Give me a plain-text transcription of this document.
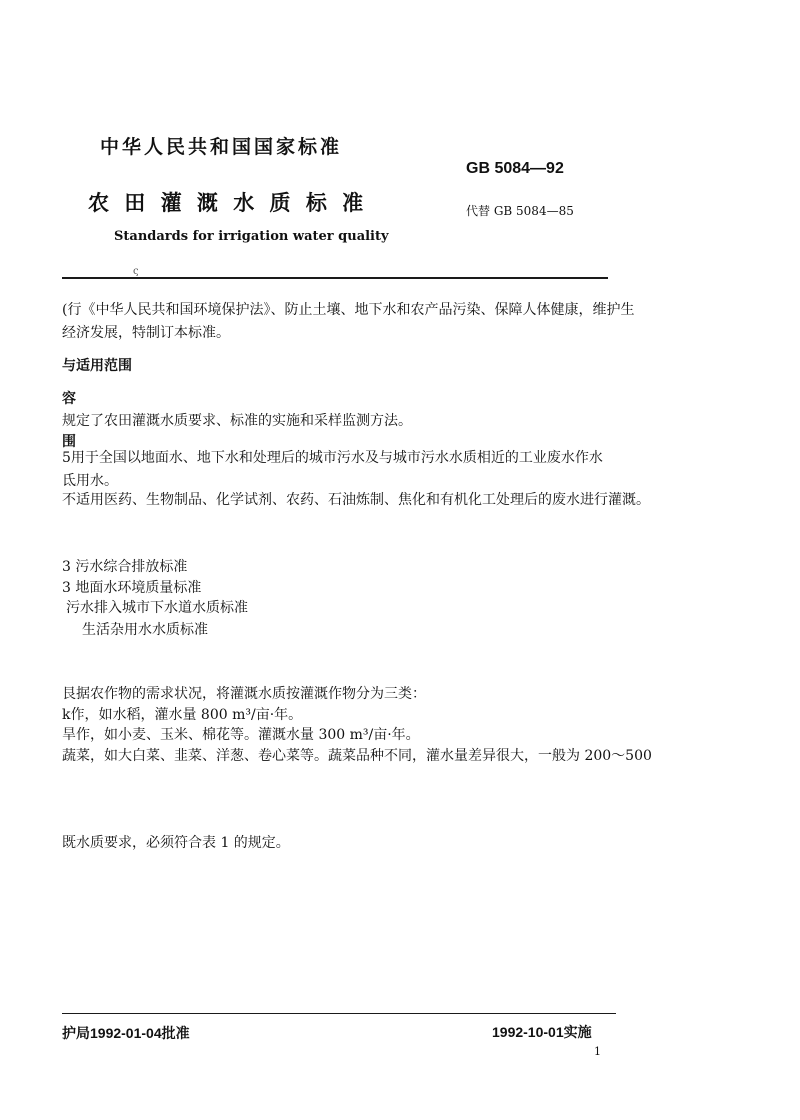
中华人民共和国国家标准
GB 5084—92
农 田 灌 溉 水 质 标 准	代替 GB 5084—85
Standards for irrigation water quality
ς
(行《中华人民共和国环境保护法》、防止土壤、地下水和农产品污染、保障人体健康，维护生
经济发展，特制订本标准。
与适用范围
容
规定了农田灌溉水质要求、标准的实施和采样监测方法。
围
5用于全国以地面水、地下水和处理后的城市污水及与城市污水水质相近的工业废水作水
氐用水。
不适用医药、生物制品、化学试剂、农药、石油炼制、焦化和有机化工处理后的废水进行灌溉。
3 污水综合排放标准
3 地面水环境质量标准
污水排入城市下水道水质标准
生活杂用水水质标准
艮据农作物的需求状况，将灌溉水质按灌溉作物分为三类：
k作，如水稻，灌水量 800 m³/亩·年。
旱作，如小麦、玉米、棉花等。灌溉水量 300 m³/亩·年。
蔬菜，如大白菜、韭菜、洋葱、卷心菜等。蔬菜品种不同，灌水量差异很大，一般为 200～500
既水质要求，必须符合表 1 的规定。
护局1992-01-04批准	1992-10-01实施
1
